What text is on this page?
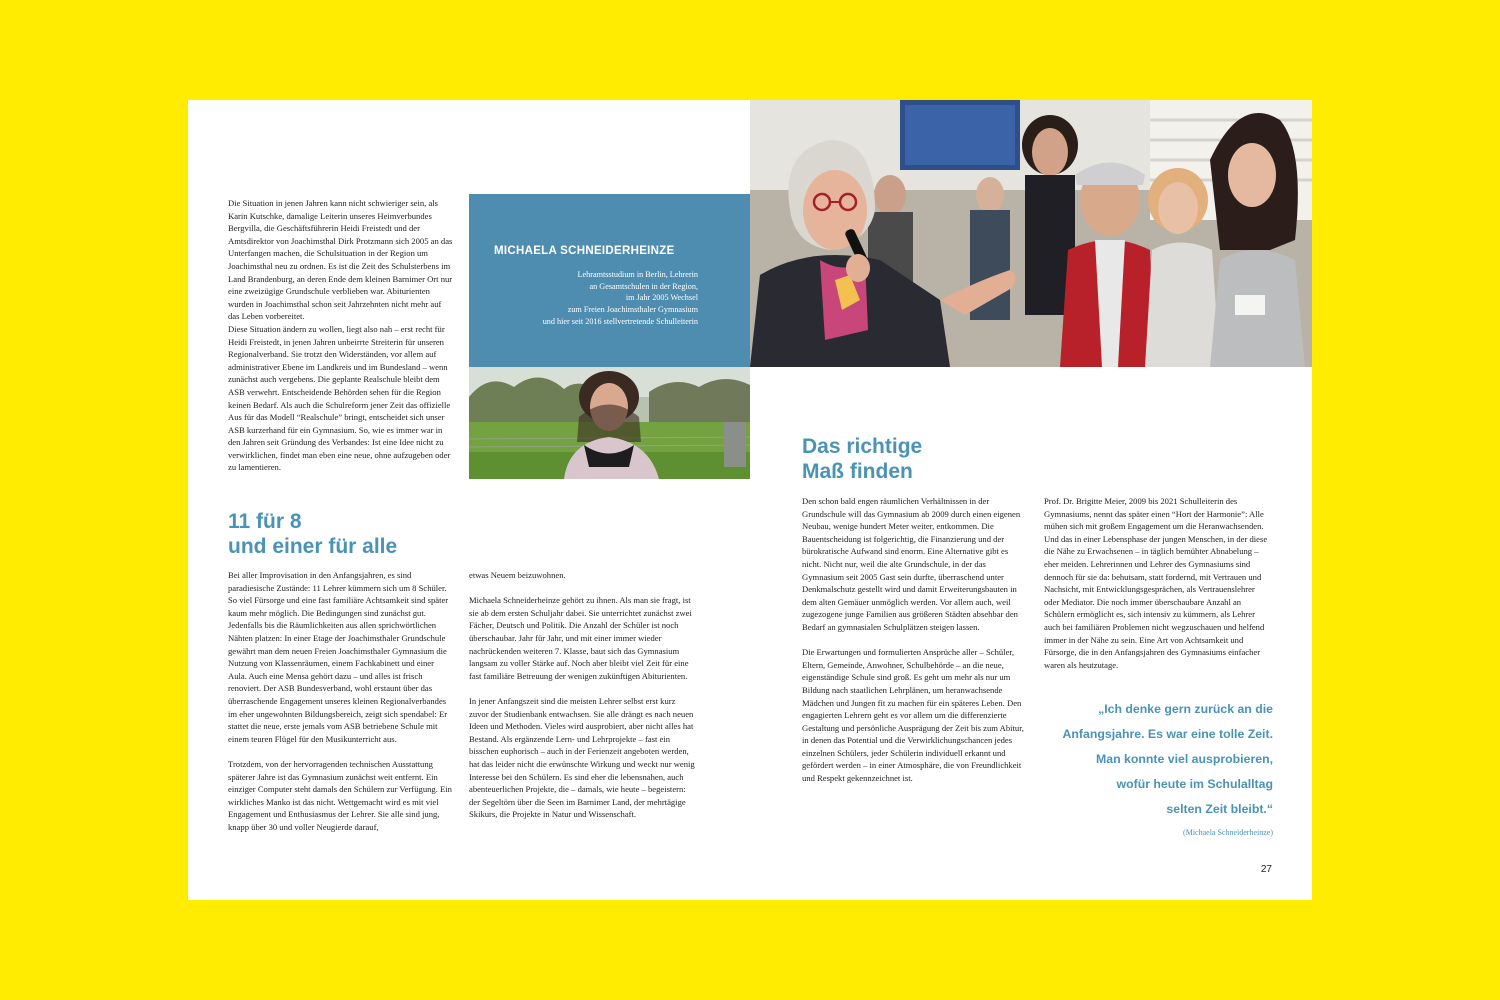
Die Situation in jenen Jahren kann nicht schwieriger sein, als Karin Kutschke, damalige Leiterin unseres Heimverbundes Bergvilla, die Geschäftsführerin Heidi Freistedt und der Amtsdirektor von Joachimsthal Dirk Protzmann sich 2005 an das Unterfangen machen, die Schulsituation in der Region um Joachimsthal neu zu ordnen. Es ist die Zeit des Schulsterbens im Land Brandenburg, an deren Ende dem kleinen Barnimer Ort nur eine zweizügige Grundschule verblieben war. Abiturienten wurden in Joachimsthal schon seit Jahrzehnten nicht mehr auf das Leben vorbereitet.

Diese Situation ändern zu wollen, liegt also nah – erst recht für Heidi Freistedt, in jenen Jahren unbeirrte Streiterin für unseren Regionalverband. Sie trotzt den Widerständen, vor allem auf administrativer Ebene im Landkreis und im Bundesland – wenn zunächst auch vergebens. Die geplante Realschule bleibt dem ASB verwehrt. Entscheidende Behörden sehen für die Region keinen Bedarf. Als auch die Schulreform jener Zeit das offizielle Aus für das Modell “Realschule” bringt, entscheidet sich unser ASB kurzerhand für ein Gymnasium. So, wie es immer war in den Jahren seit Gründung des Verbandes: Ist eine Idee nicht zu verwirklichen, findet man eben eine neue, ohne aufzugeben oder zu lamentieren.

MICHAELA SCHNEIDERHEINZE
Lehramtsstudium in Berlin, Lehrerin
an Gesamtschulen in der Region,
im Jahr 2005 Wechsel
zum Freien Joachimsthaler Gymnasium
und hier seit 2016 stellvertretende Schulleiterin
11 für 8
und einer für alle

Bei aller Improvisation in den Anfangsjahren, es sind paradiesische Zustände: 11 Lehrer kümmern sich um 8 Schüler. So viel Fürsorge und eine fast familiäre Achtsamkeit sind später kaum mehr möglich. Die Bedingungen sind zunächst gut. Jedenfalls bis die Räumlichkeiten aus allen sprichwörtlichen Nähten platzen: In einer Etage der Joachimsthaler Grundschule gewährt man dem neuen Freien Joachimsthaler Gymnasium die Nutzung von Klassenräumen, einem Fachkabinett und einer Aula. Auch eine Mensa gehört dazu – und alles ist frisch renoviert. Der ASB Bundesverband, wohl erstaunt über das überraschende Engagement unseres kleinen Regionalverbandes im eher ungewohnten Bildungsbereich, zeigt sich spendabel: Er stattet die neue, erste jemals vom ASB betriebene Schule mit einem teuren Flügel für den Musikunterricht aus.

Trotzdem, von der hervorragenden technischen Ausstattung späterer Jahre ist das Gymnasium zunächst weit entfernt. Ein einziger Computer steht damals den Schülern zur Verfügung. Ein wirkliches Manko ist das nicht. Wettgemacht wird es mit viel Engagement und Enthusiasmus der Lehrer. Sie alle sind jung, knapp über 30 und voller Neugierde darauf,

etwas Neuem beizuwohnen.

Michaela Schneiderheinze gehört zu ihnen. Als man sie fragt, ist sie ab dem ersten Schuljahr dabei. Sie unterrichtet zunächst zwei Fächer, Deutsch und Politik. Die Anzahl der Schüler ist noch überschaubar. Jahr für Jahr, und mit einer immer wieder nachrückenden weiteren 7. Klasse, baut sich das Gymnasium langsam zu voller Stärke auf. Noch aber bleibt viel Zeit für eine fast familiäre Betreuung der wenigen zukünftigen Abiturienten.

In jener Anfangszeit sind die meisten Lehrer selbst erst kurz zuvor der Studienbank entwachsen. Sie alle drängt es nach neuen Ideen und Methoden. Vieles wird ausprobiert, aber nicht alles hat Bestand. Als ergänzende Lern- und Lehrprojekte – fast ein bisschen euphorisch – auch in der Ferienzeit angeboten werden, hat das leider nicht die erwünschte Wirkung und weckt nur wenig Interesse bei den Schülern. Es sind eher die lebensnahen, auch abenteuerlichen Projekte, die – damals, wie heute – begeistern: der Segeltörn über die Seen im Barnimer Land, der mehrtägige Skikurs, die Projekte in Natur und Wissenschaft.

Das richtige
Maß finden

Den schon bald engen räumlichen Verhältnissen in der Grundschule will das Gymnasium ab 2009 durch einen eigenen Neubau, wenige hundert Meter weiter, entkommen. Die Bauentscheidung ist folgerichtig, die Finanzierung und der bürokratische Aufwand sind enorm. Eine Alternative gibt es nicht. Nicht nur, weil die alte Grundschule, in der das Gymnasium seit 2005 Gast sein durfte, überraschend unter Denkmalschutz gestellt wird und damit Erweiterungsbauten in dem alten Gemäuer unmöglich werden. Vor allem auch, weil zugezogene junge Familien aus größeren Städten absehbar den Bedarf an gymnasialen Schulplätzen steigen lassen.

Die Erwartungen und formulierten Ansprüche aller – Schüler, Eltern, Gemeinde, Anwohner, Schulbehörde – an die neue, eigenständige Schule sind groß. Es geht um mehr als nur um Bildung nach staatlichen Lehrplänen, um heranwachsende Mädchen und Jungen fit zu machen für ein späteres Leben. Den engagierten Lehrern geht es vor allem um die differenzierte Gestaltung und persönliche Ausprägung der Zeit bis zum Abitur, in denen das Potential und die Verwirklichungschancen jedes einzelnen Schülers, jeder Schülerin individuell erkannt und gefördert werden – in einer Atmosphäre, die von Freundlichkeit und Respekt gekennzeichnet ist.

Prof. Dr. Brigitte Meier, 2009 bis 2021 Schulleiterin des Gymnasiums, nennt das später einen “Hort der Harmonie”: Alle mühen sich mit großem Engagement um die Heranwachsenden. Und das in einer Lebensphase der jungen Menschen, in der diese die Nähe zu Erwachsenen – in täglich bemühter Abnabelung – eher meiden. Lehrerinnen und Lehrer des Gymnasiums sind dennoch für sie da: behutsam, statt fordernd, mit Vertrauen und Nachsicht, mit Entwicklungsgesprächen, als Vertrauenslehrer oder Mediator. Die noch immer überschaubare Anzahl an Schülern ermöglicht es, sich intensiv zu kümmern, als Lehrer auch bei familiären Problemen nicht wegzuschauen und helfend immer in der Nähe zu sein. Eine Art von Achtsamkeit und Fürsorge, die in den Anfangsjahren des Gymnasiums einfacher waren als heutzutage.

„Ich denke gern zurück an die
Anfangsjahre. Es war eine tolle Zeit.
Man konnte viel ausprobieren,
wofür heute im Schulalltag
selten Zeit bleibt.“
(Michaela Schneiderheinze)
27
